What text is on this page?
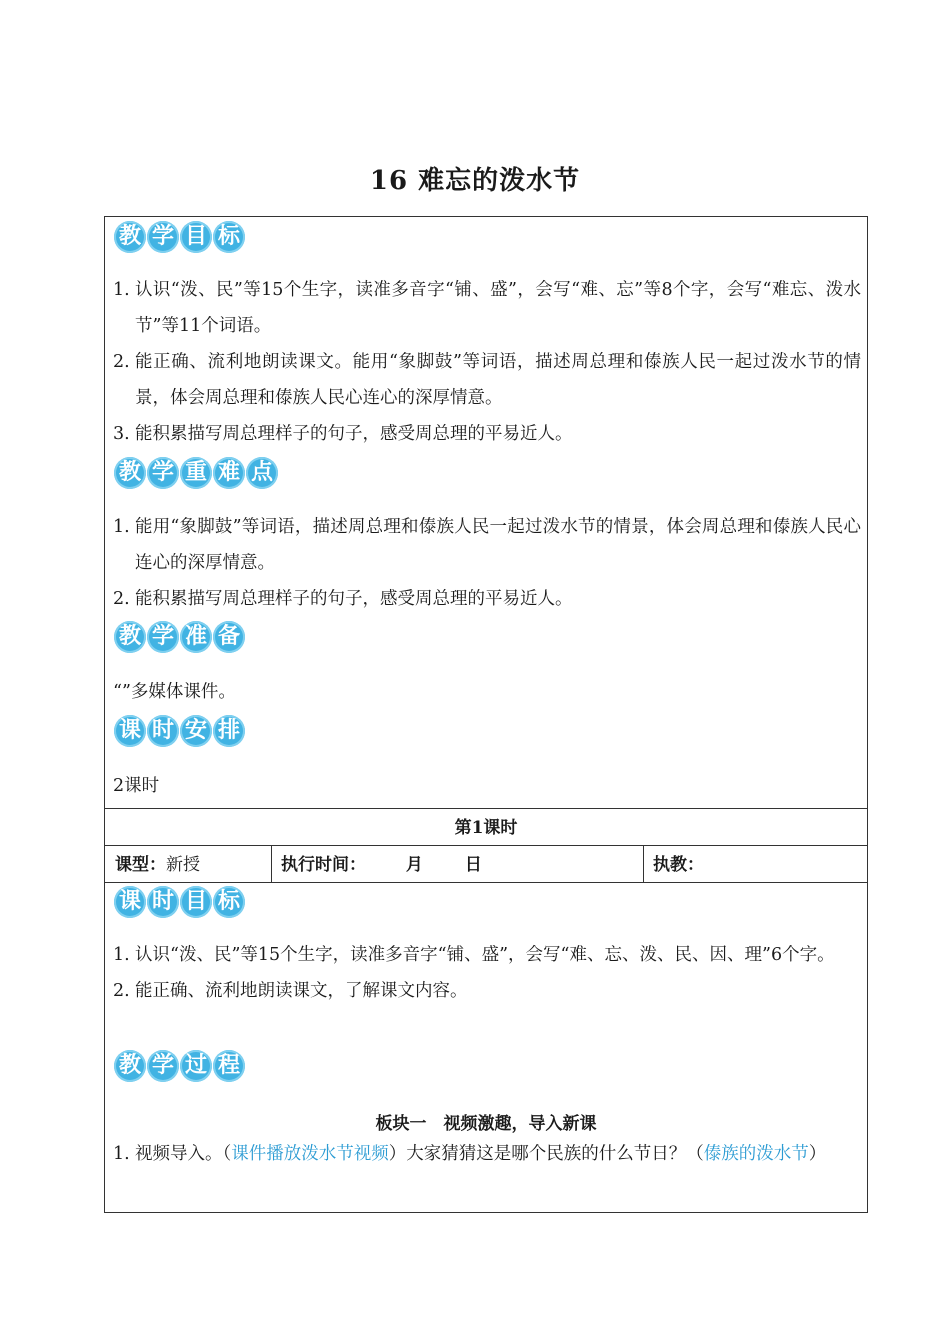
16 难忘的泼水节
教 学 目 标
1. 认识“泼、民”等15个生字，读准多音字“铺、盛”，会写“难、忘”等8个字，会写“难忘、泼水节”等11个词语。
2. 能正确、流利地朗读课文。能用“象脚鼓”等词语，描述周总理和傣族人民一起过泼水节的情景，体会周总理和傣族人民心连心的深厚情意。
3. 能积累描写周总理样子的句子，感受周总理的平易近人。
教 学 重 难 点
1. 能用“象脚鼓”等词语，描述周总理和傣族人民一起过泼水节的情景，体会周总理和傣族人民心连心的深厚情意。
2. 能积累描写周总理样子的句子，感受周总理的平易近人。
教 学 准 备
“”多媒体课件。
课 时 安 排
2课时
第1课时
课型：新授	执行时间： 月 日	执教：
课 时 目 标
1. 认识“泼、民”等15个生字，读准多音字“铺、盛”，会写“难、忘、泼、民、因、理”6个字。
2. 能正确、流利地朗读课文，了解课文内容。
教 学 过 程
板块一　视频激趣，导入新课
1. 视频导入。（课件播放泼水节视频）大家猜猜这是哪个民族的什么节日？（傣族的泼水节）
